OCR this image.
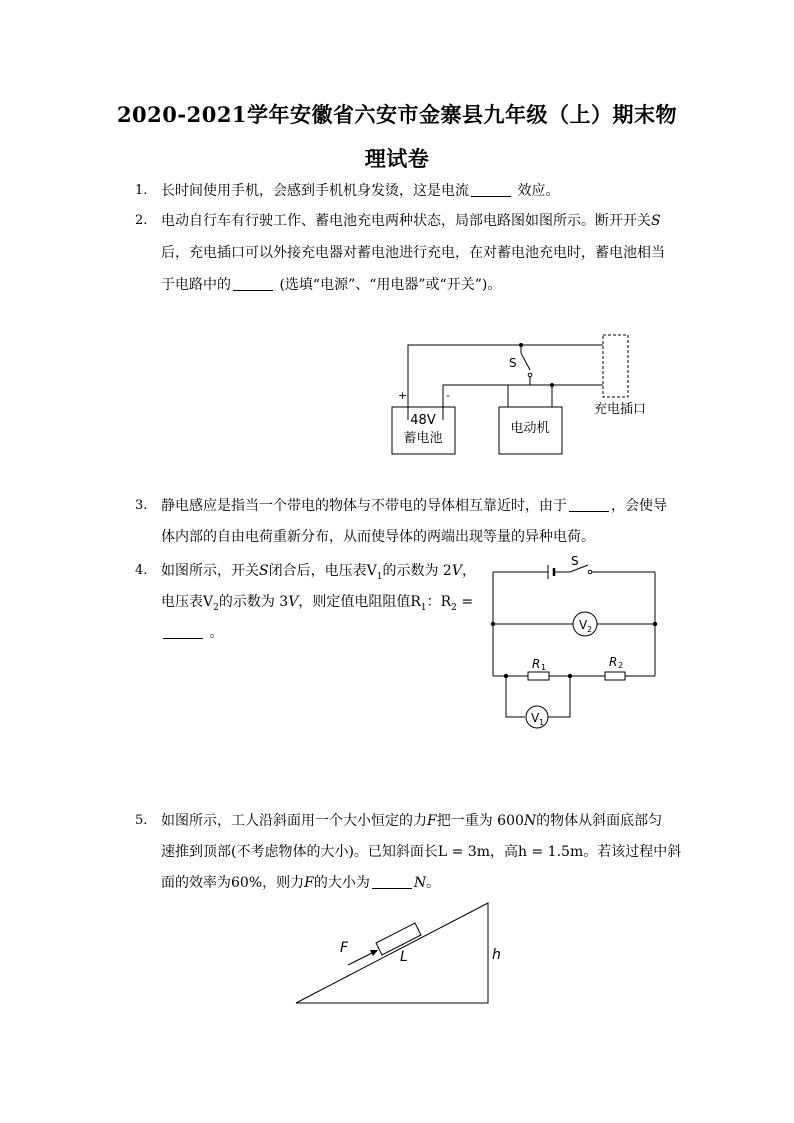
2020-2021学年安徽省六安市金寨县九年级（上）期末物
理试卷
1. 长时间使用手机，会感到手机机身发烫，这是电流	效应。
2. 电动自行车有行驶工作、蓄电池充电两种状态，局部电路图如图所示。断开开关S
后，充电插口可以外接充电器对蓄电池进行充电，在对蓄电池充电时，蓄电池相当
于电路中的	(选填“电源”、“用电器”或“开关”)。
+	-
S
48V
蓄电池
电动机
充电插口
3. 静电感应是指当一个带电的物体与不带电的导体相互靠近时，由于	，会使导
体内部的自由电荷重新分布，从而使导体的两端出现等量的异种电荷。
4. 如图所示，开关S闭合后，电压表$V_1$的示数为 2V，
电压表$V_2$的示数为 3V，则定值电阻阻值$R_1$：$R_2$ =
。
S
V 2
R 1	R 2
V 1
5. 如图所示，工人沿斜面用一个大小恒定的力F把一重为 600N的物体从斜面底部匀
速推到顶部(不考虑物体的大小)。已知斜面长L = 3m，高h = 1.5m。若该过程中斜
面的效率为60%，则力F的大小为	N。
F
L	h
